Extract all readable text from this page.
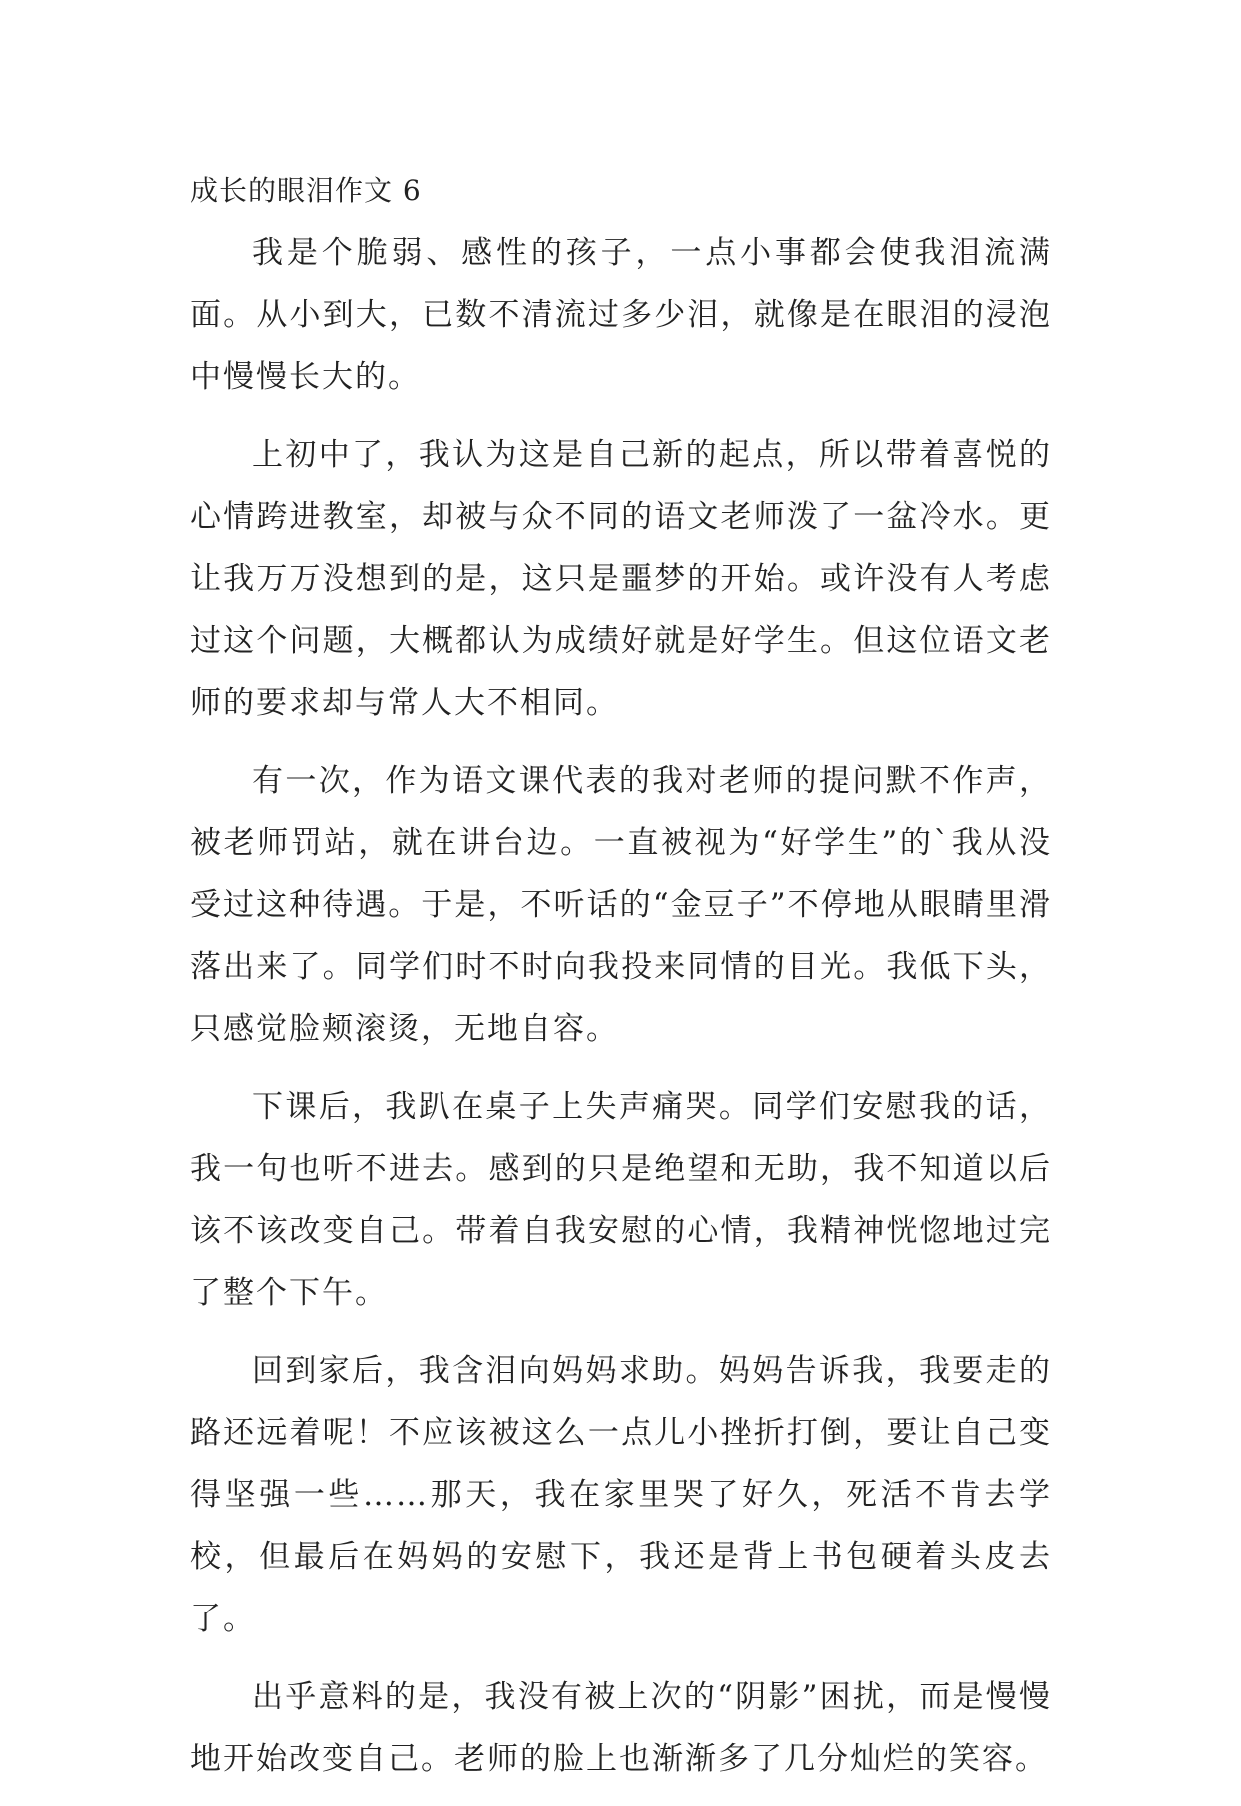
成长的眼泪作文 6

我是个脆弱、感性的孩子，一点小事都会使我泪流满面。从小到大，已数不清流过多少泪，就像是在眼泪的浸泡中慢慢长大的。

上初中了，我认为这是自己新的起点，所以带着喜悦的心情跨进教室，却被与众不同的语文老师泼了一盆冷水。更让我万万没想到的是，这只是噩梦的开始。或许没有人考虑过这个问题，大概都认为成绩好就是好学生。但这位语文老师的要求却与常人大不相同。

有一次，作为语文课代表的我对老师的提问默不作声，被老师罚站，就在讲台边。一直被视为“好学生”的`我从没受过这种待遇。于是，不听话的“金豆子”不停地从眼睛里滑落出来了。同学们时不时向我投来同情的目光。我低下头，只感觉脸颊滚烫，无地自容。

下课后，我趴在桌子上失声痛哭。同学们安慰我的话，我一句也听不进去。感到的只是绝望和无助，我不知道以后该不该改变自己。带着自我安慰的心情，我精神恍惚地过完了整个下午。

回到家后，我含泪向妈妈求助。妈妈告诉我，我要走的路还远着呢！不应该被这么一点儿小挫折打倒，要让自己变得坚强一些……那天，我在家里哭了好久，死活不肯去学校，但最后在妈妈的安慰下，我还是背上书包硬着头皮去了。

出乎意料的是，我没有被上次的“阴影”困扰，而是慢慢地开始改变自己。老师的脸上也渐渐多了几分灿烂的笑容。
